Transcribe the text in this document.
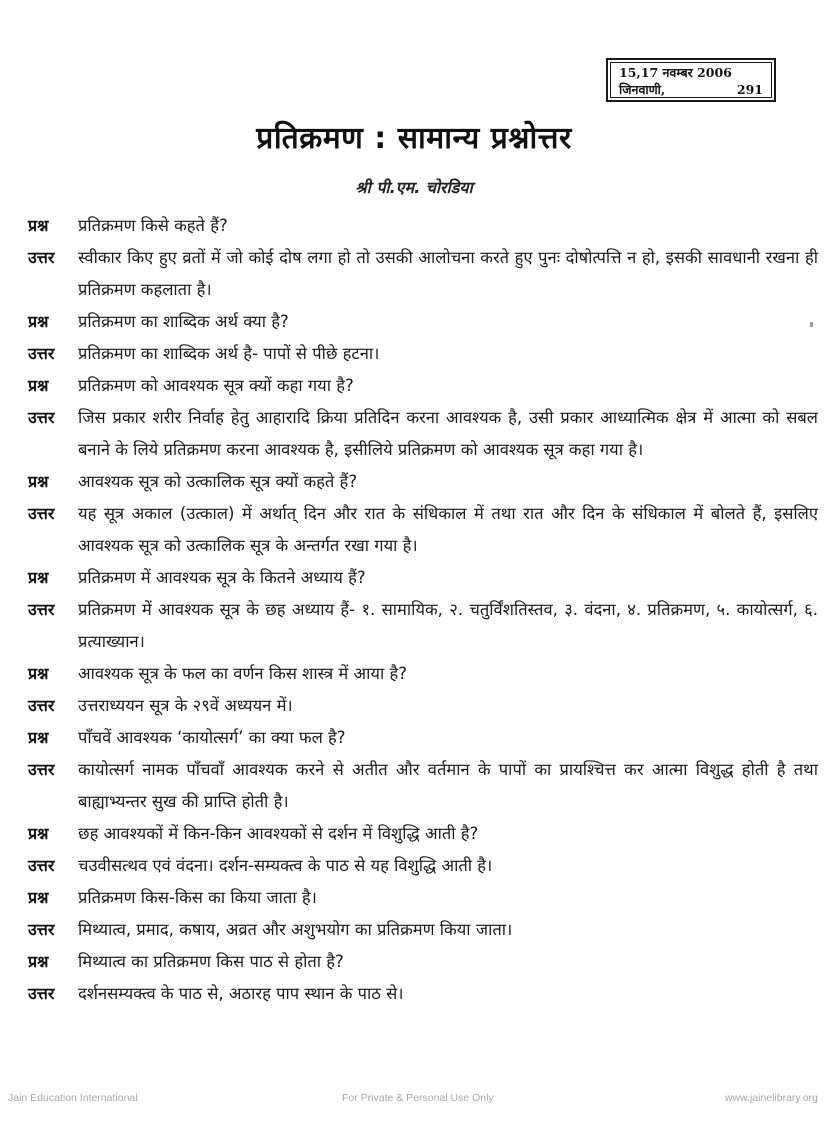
15,17 नवम्बर 2006
जिनवाणी,	291
प्रतिक्रमण : सामान्य प्रश्नोत्तर
श्री पी.एम. चोरडिया
प्रश्न	प्रतिक्रमण किसे कहते हैं?
उत्तर	स्वीकार किए हुए व्रतों में जो कोई दोष लगा हो तो उसकी आलोचना करते हुए पुनः दोषोत्पत्ति न हो, इसकी सावधानी रखना ही प्रतिक्रमण कहलाता है।
प्रश्न	प्रतिक्रमण का शाब्दिक अर्थ क्या है?
उत्तर	प्रतिक्रमण का शाब्दिक अर्थ है- पापों से पीछे हटना।
प्रश्न	प्रतिक्रमण को आवश्यक सूत्र क्यों कहा गया है?
उत्तर	जिस प्रकार शरीर निर्वाह हेतु आहारादि क्रिया प्रतिदिन करना आवश्यक है, उसी प्रकार आध्यात्मिक क्षेत्र में आत्मा को सबल बनाने के लिये प्रतिक्रमण करना आवश्यक है, इसीलिये प्रतिक्रमण को आवश्यक सूत्र कहा गया है।
प्रश्न	आवश्यक सूत्र को उत्कालिक सूत्र क्यों कहते हैं?
उत्तर	यह सूत्र अकाल (उत्काल) में अर्थात् दिन और रात के संधिकाल में तथा रात और दिन के संधिकाल में बोलते हैं, इसलिए आवश्यक सूत्र को उत्कालिक सूत्र के अन्तर्गत रखा गया है।
प्रश्न	प्रतिक्रमण में आवश्यक सूत्र के कितने अध्याय हैं?
उत्तर	प्रतिक्रमण में आवश्यक सूत्र के छह अध्याय हैं- १. सामायिक, २. चतुर्विंशतिस्तव, ३. वंदना, ४. प्रतिक्रमण, ५. कायोत्सर्ग, ६. प्रत्याख्यान।
प्रश्न	आवश्यक सूत्र के फल का वर्णन किस शास्त्र में आया है?
उत्तर	उत्तराध्ययन सूत्र के २९वें अध्ययन में।
प्रश्न	पाँचवें आवश्यक ‘कायोत्सर्ग’ का क्या फल है?
उत्तर	कायोत्सर्ग नामक पाँचवाँ आवश्यक करने से अतीत और वर्तमान के पापों का प्रायश्चित्त कर आत्मा विशुद्ध होती है तथा बाह्याभ्यन्तर सुख की प्राप्ति होती है।
प्रश्न	छह आवश्यकों में किन-किन आवश्यकों से दर्शन में विशुद्धि आती है?
उत्तर	चउवीसत्थव एवं वंदना। दर्शन-सम्यक्त्व के पाठ से यह विशुद्धि आती है।
प्रश्न	प्रतिक्रमण किस-किस का किया जाता है।
उत्तर	मिथ्यात्व, प्रमाद, कषाय, अव्रत और अशुभयोग का प्रतिक्रमण किया जाता।
प्रश्न	मिथ्यात्व का प्रतिक्रमण किस पाठ से होता है?
उत्तर	दर्शनसम्यक्त्व के पाठ से, अठारह पाप स्थान के पाठ से।
Jain Education International	For Private & Personal Use Only	www.jainelibrary.org
